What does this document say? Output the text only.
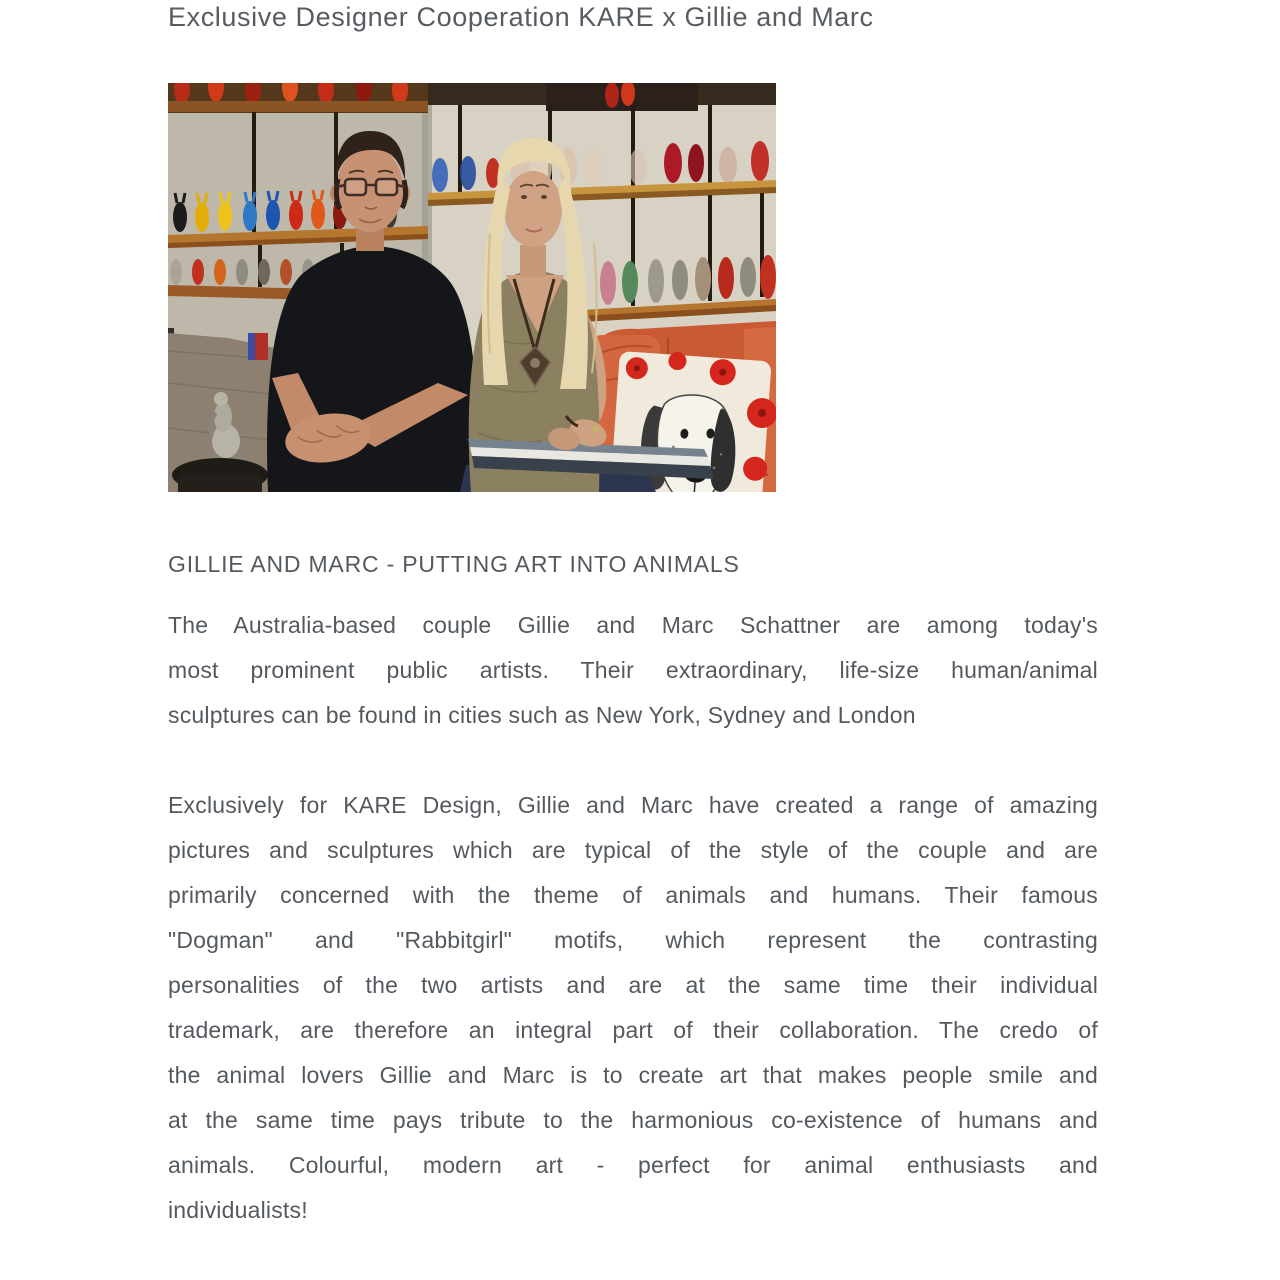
Exclusive Designer Cooperation KARE x Gillie and Marc
GILLIE AND MARC - PUTTING ART INTO ANIMALS
The Australia-based couple Gillie and Marc Schattner are among today's
most prominent public artists. Their extraordinary, life-size human/animal
sculptures can be found in cities such as New York, Sydney and London
Exclusively for KARE Design, Gillie and Marc have created a range of amazing
pictures and sculptures which are typical of the style of the couple and are
primarily concerned with the theme of animals and humans. Their famous
"Dogman" and "Rabbitgirl" motifs, which represent the contrasting
personalities of the two artists and are at the same time their individual
trademark, are therefore an integral part of their collaboration. The credo of
the animal lovers Gillie and Marc is to create art that makes people smile and
at the same time pays tribute to the harmonious co-existence of humans and
animals. Colourful, modern art - perfect for animal enthusiasts and
individualists!
